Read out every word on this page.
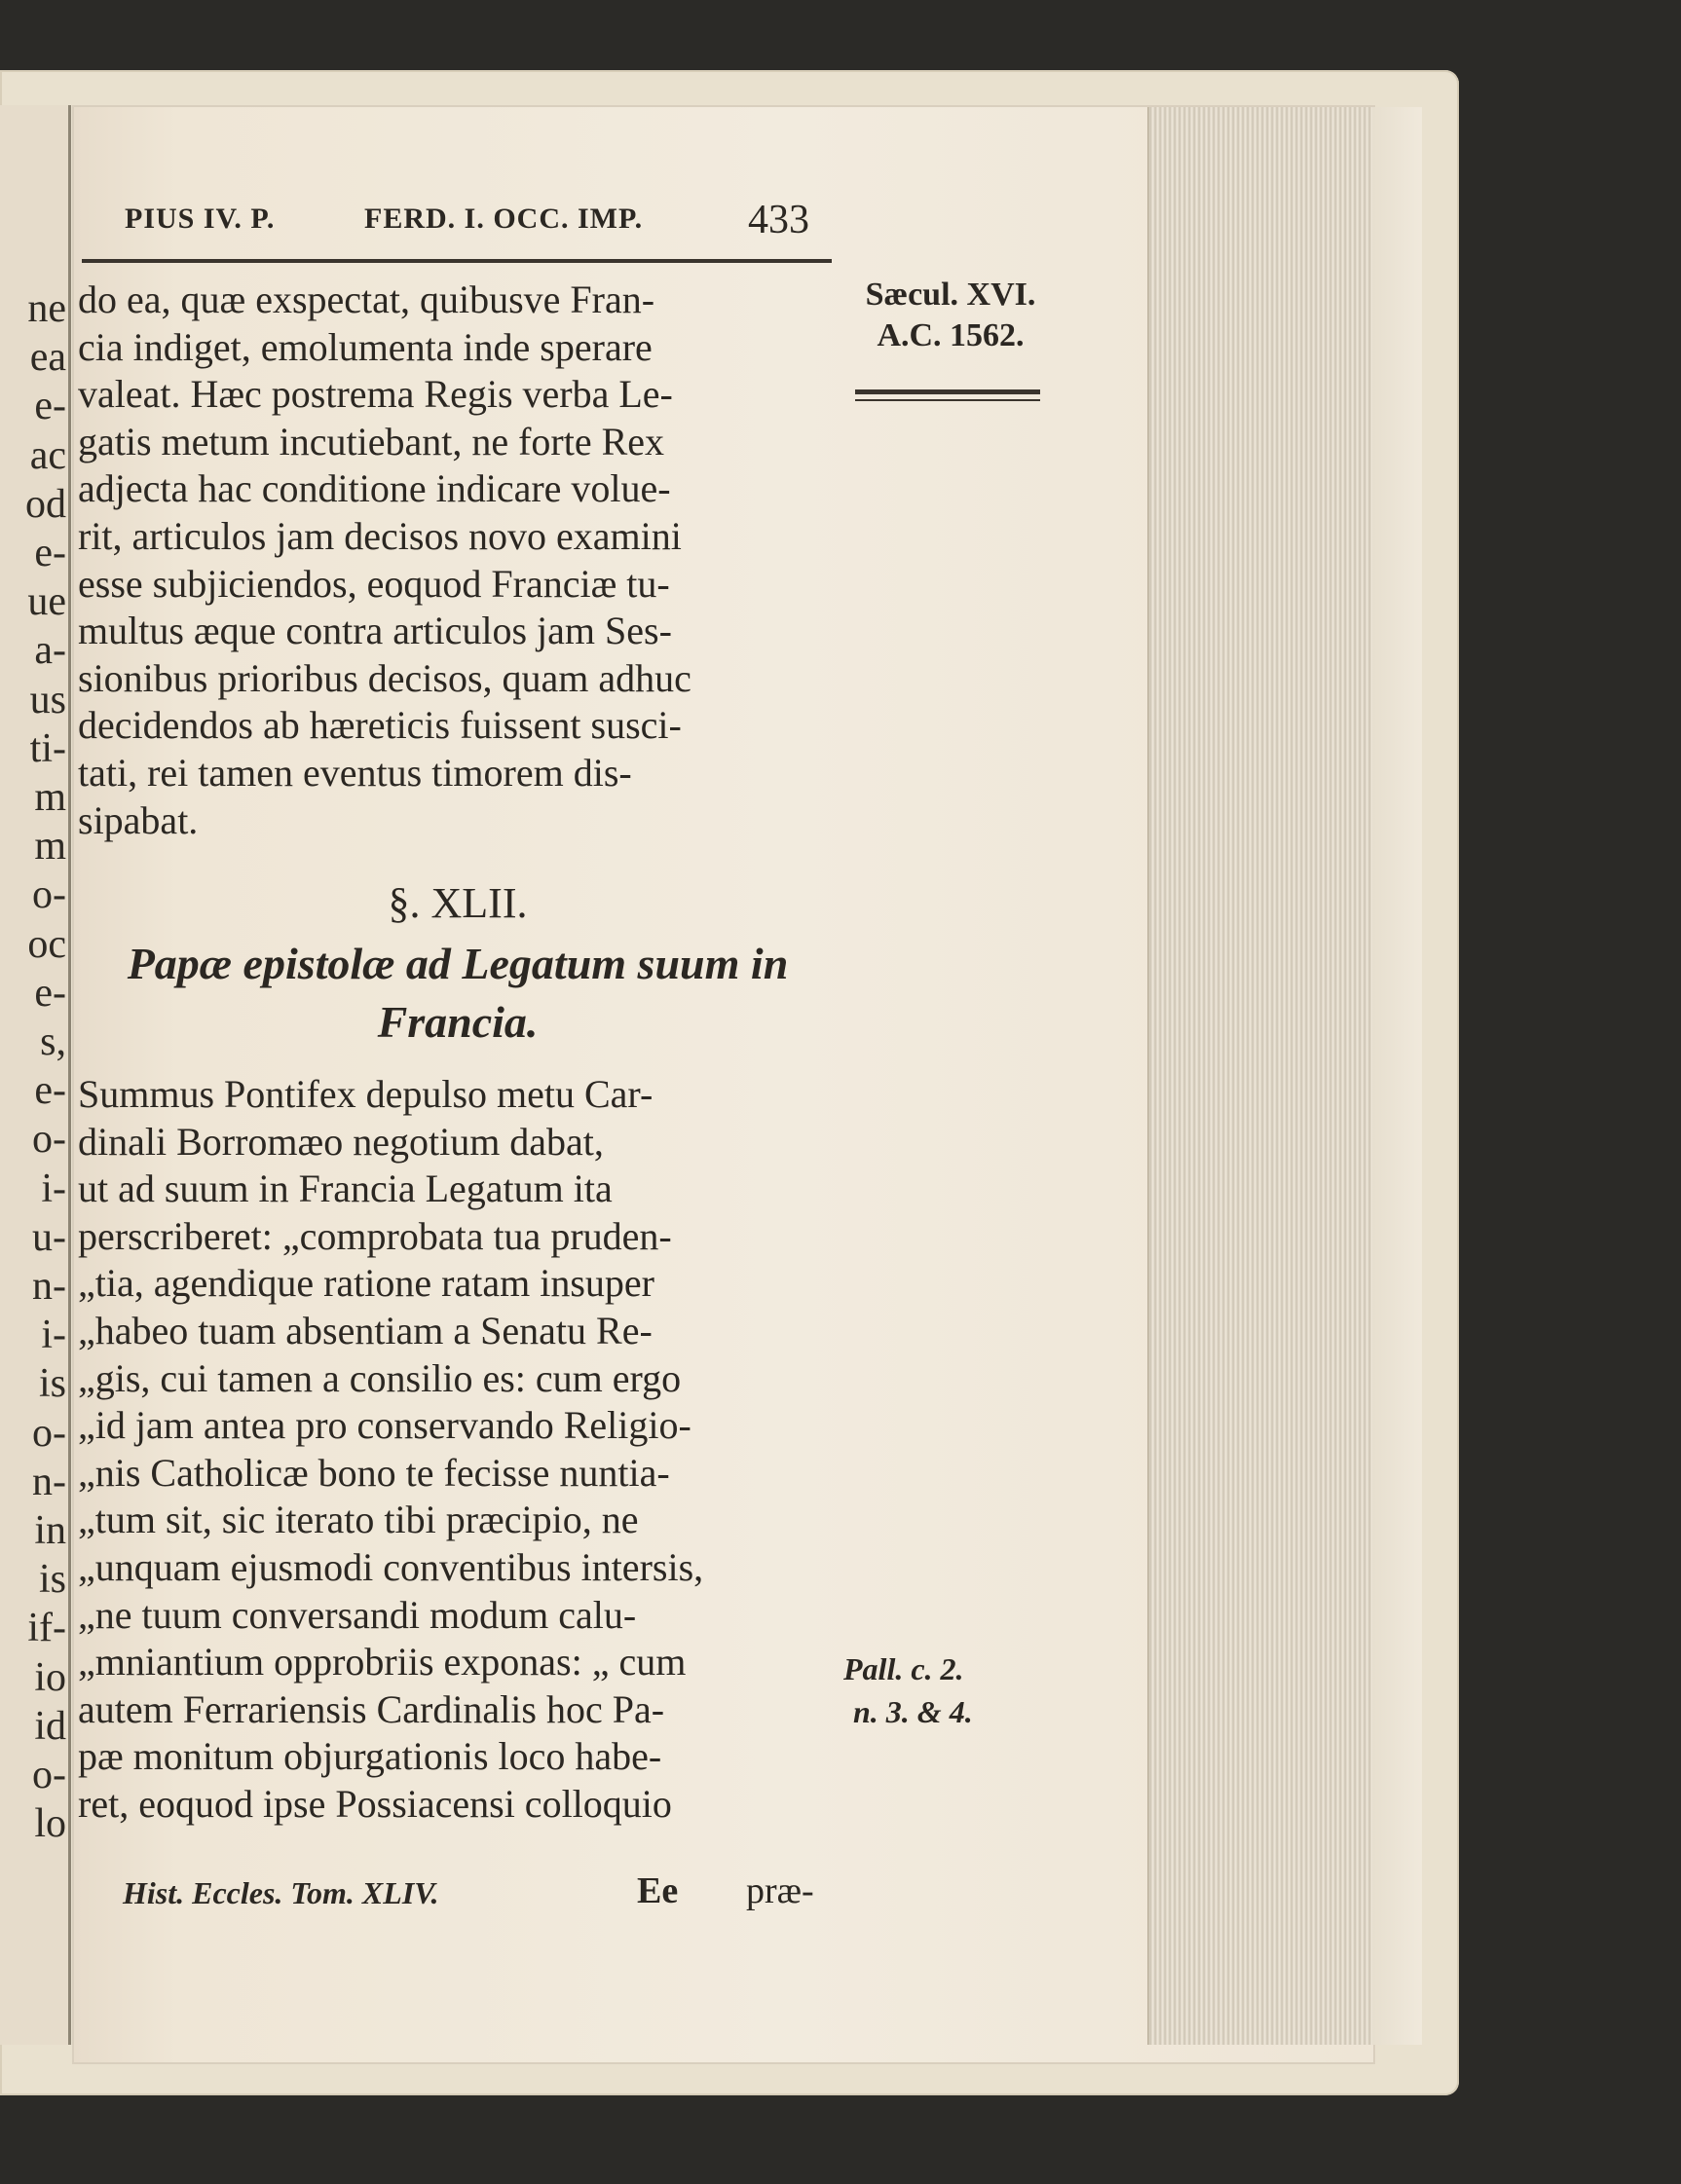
ne
ea
e-
ac
od
e-
ue
a-
us
ti-
m
m
o-
oc
e-
s,
e-
o-
i-
u-
n-
i-
is
o-
n-
in
is
if-
io
id
o-
lo
PIUS IV. P.	FERD. I. OCC. IMP.	433
Sæcul. XVI.
A.C. 1562.
do ea, quæ exspectat, quibusve Fran-
cia indiget, emolumenta inde sperare
valeat. Hæc postrema Regis verba Le-
gatis metum incutiebant, ne forte Rex
adjecta hac conditione indicare volue-
rit, articulos jam decisos novo examini
esse subjiciendos, eoquod Franciæ tu-
multus æque contra articulos jam Ses-
sionibus prioribus decisos, quam adhuc
decidendos ab hæreticis fuissent susci-
tati, rei tamen eventus timorem dis-
sipabat.
§. XLII.
Papæ epistolæ ad Legatum suum in
Francia.
Summus Pontifex depulso metu Car-
dinali Borromæo negotium dabat,
ut ad suum in Francia Legatum ita
perscriberet: „comprobata tua pruden-
„tia, agendique ratione ratam insuper
„habeo tuam absentiam a Senatu Re-
„gis, cui tamen a consilio es: cum ergo
„id jam antea pro conservando Religio-
„nis Catholicæ bono te fecisse nuntia-
„tum sit, sic iterato tibi præcipio, ne
„unquam ejusmodi conventibus intersis,
„ne tuum conversandi modum calu-
„mniantium opprobriis exponas: „ cum
autem Ferrariensis Cardinalis hoc Pa-
pæ monitum objurgationis loco habe-
ret, eoquod ipse Possiacensi colloquio
Pall. c. 2.
n. 3. & 4.
Hist. Eccles. Tom. XLIV.	Ee præ-
